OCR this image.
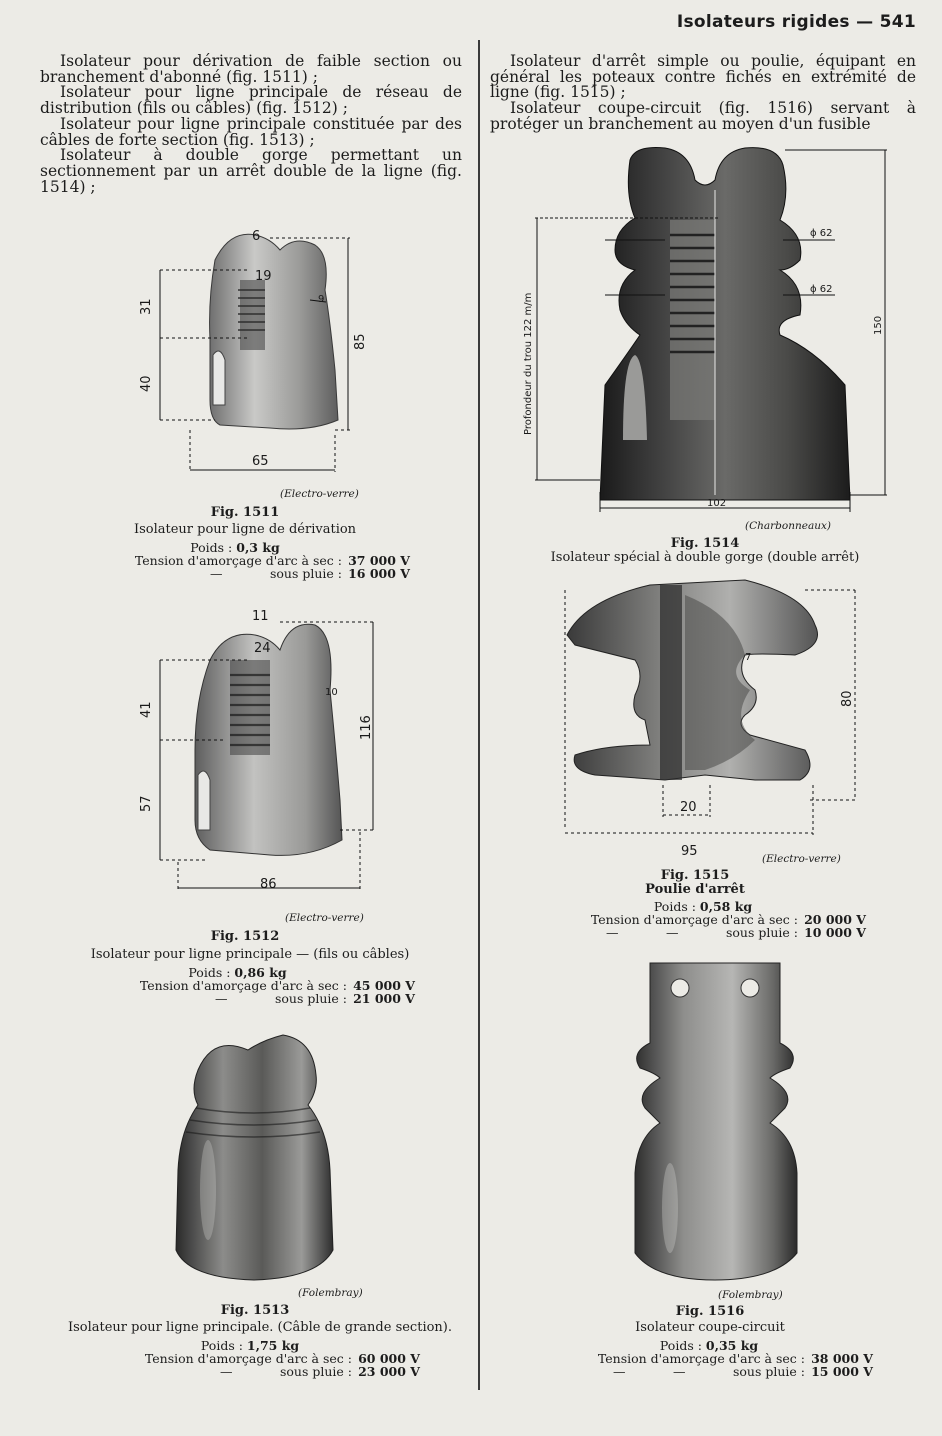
Isolateurs rigides — 541

Isolateur pour dérivation de faible section ou branchement d'abonné (fig. 1511) ;

Isolateur pour ligne principale de réseau de distribution (fils ou câbles) (fig. 1512) ;

Isolateur pour ligne principale constituée par des câbles de forte section (fig. 1513) ;

Isolateur à double gorge permettant un sectionnement par un arrêt double de la ligne (fig. 1514) ;

Isolateur d'arrêt simple ou poulie, équipant en général les poteaux contre fichés en extrémité de ligne (fig. 1515) ;

Isolateur coupe-circuit (fig. 1516) servant à protéger un branchement au moyen d'un fusible

6
19
9
31
40
85
65
(Electro-verre)
Fig. 1511
Isolateur pour ligne de dérivation
Poids :
0,3 kg
Tension d'amorçage d'arc à sec : 37 000 V
—	sous pluie : 16 000 V
11
24
10
41
57
116
86
(Electro-verre)
Fig. 1512
Isolateur pour ligne principale — (fils ou câbles)
Poids :
0,86 kg
Tension d'amorçage d'arc à sec : 45 000 V
—	sous pluie : 21 000 V
(Folembray)
Fig. 1513
Isolateur pour ligne principale. (Câble de grande section).
Poids :
1,75 kg
Tension d'amorçage d'arc à sec : 60 000 V
—	sous pluie : 23 000 V
ϕ 62
ϕ 62
150
102
Profondeur du trou 122 m/m
(Charbonneaux)
Fig. 1514
Isolateur spécial à double gorge (double arrêt)
7
80
20
95	(Electro-verre)
Fig. 1515
Poulie d'arrêt
Poids :
0,58 kg
Tension d'amorçage d'arc à sec : 20 000 V
—	—	sous pluie : 10 000 V
(Folembray)
Fig. 1516
Isolateur coupe-circuit
Poids :
0,35 kg
Tension d'amorçage d'arc à sec : 38 000 V
—	—	sous pluie : 15 000 V
